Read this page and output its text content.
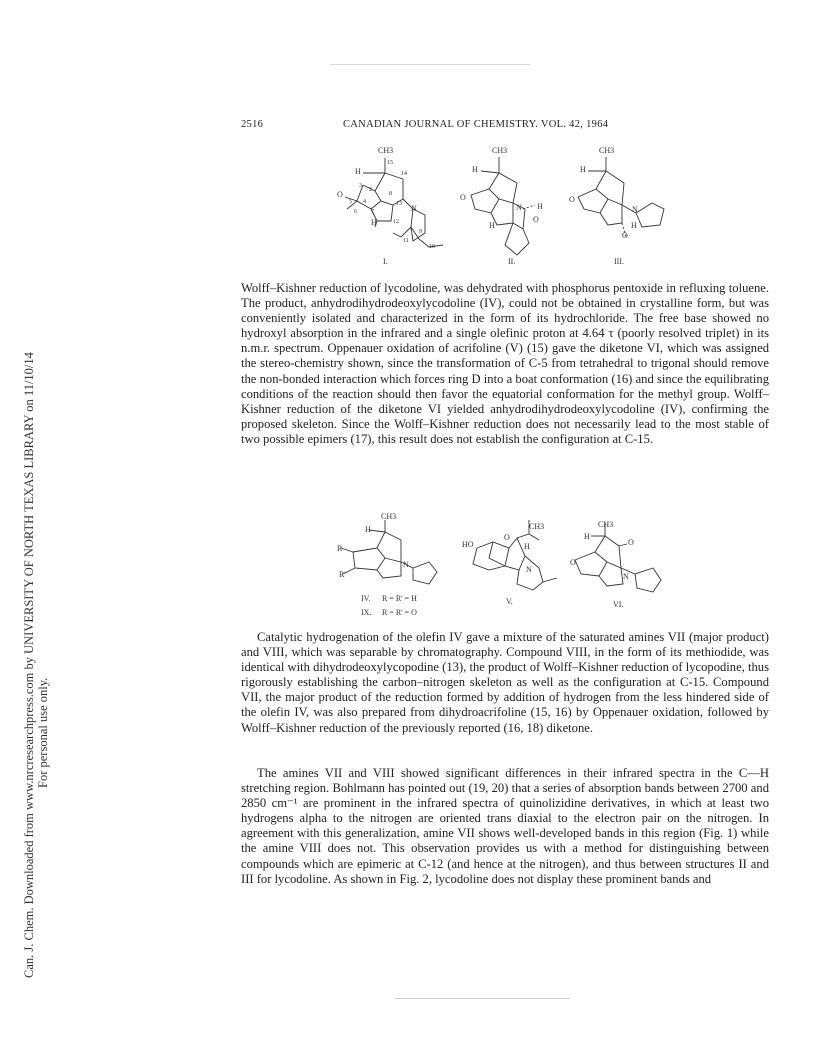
Can. J. Chem. Downloaded from www.nrcresearchpress.com by UNIVERSITY OF NORTH TEXAS LIBRARY on 11/10/14 For personal use only.
2516	CANADIAN JOURNAL OF CHEMISTRY. VOL. 42, 1964
CH3
H
15
14
3
2
8
4
5	13
12
6 7
9
11
10
O
H
N
I.
CH3
H
O
N H
O
H
II.
CH3
H
O
N
H
O
III.

Wolff–Kishner reduction of lycodoline, was dehydrated with phosphorus pentoxide in refluxing toluene. The product, anhydrodihydrodeoxylycodoline (IV), could not be obtained in crystalline form, but was conveniently isolated and characterized in the form of its hydrochloride. The free base showed no hydroxyl absorption in the infrared and a single olefinic proton at 4.64 τ (poorly resolved triplet) in its n.m.r. spectrum. Oppenauer oxidation of acrifoline (V) (15) gave the diketone VI, which was assigned the stereo-chemistry shown, since the transformation of C-5 from tetrahedral to trigonal should remove the non-bonded interaction which forces ring D into a boat conformation (16) and since the equilibrating conditions of the reaction should then favor the equatorial conformation for the methyl group. Wolff–Kishner reduction of the diketone VI yielded anhydrodihydrodeoxylycodoline (IV), confirming the proposed skeleton. Since the Wolff–Kishner reduction does not necessarily lead to the most stable of two possible epimers (17), this result does not establish the configuration at C-15.

CH3
H
R
R'
N
IV. R = R' = H
IX. R = R' = O
CH3
HO
O
H
N
V.
CH3
H
O
O
N
VI.

Catalytic hydrogenation of the olefin IV gave a mixture of the saturated amines VII (major product) and VIII, which was separable by chromatography. Compound VIII, in the form of its methiodide, was identical with dihydrodeoxylycopodine (13), the product of Wolff–Kishner reduction of lycopodine, thus rigorously establishing the carbon–nitrogen skeleton as well as the configuration at C-15. Compound VII, the major product of the reduction formed by addition of hydrogen from the less hindered side of the olefin IV, was also prepared from dihydroacrifoline (15, 16) by Oppenauer oxidation, followed by Wolff–Kishner reduction of the previously reported (16, 18) diketone.

The amines VII and VIII showed significant differences in their infrared spectra in the C—H stretching region. Bohlmann has pointed out (19, 20) that a series of absorption bands between 2700 and 2850 cm⁻¹ are prominent in the infrared spectra of quinolizidine derivatives, in which at least two hydrogens alpha to the nitrogen are oriented trans diaxial to the electron pair on the nitrogen. In agreement with this generalization, amine VII shows well-developed bands in this region (Fig. 1) while the amine VIII does not. This observation provides us with a method for distinguishing between compounds which are epimeric at C-12 (and hence at the nitrogen), and thus between structures II and III for lycodoline. As shown in Fig. 2, lycodoline does not display these prominent bands and
